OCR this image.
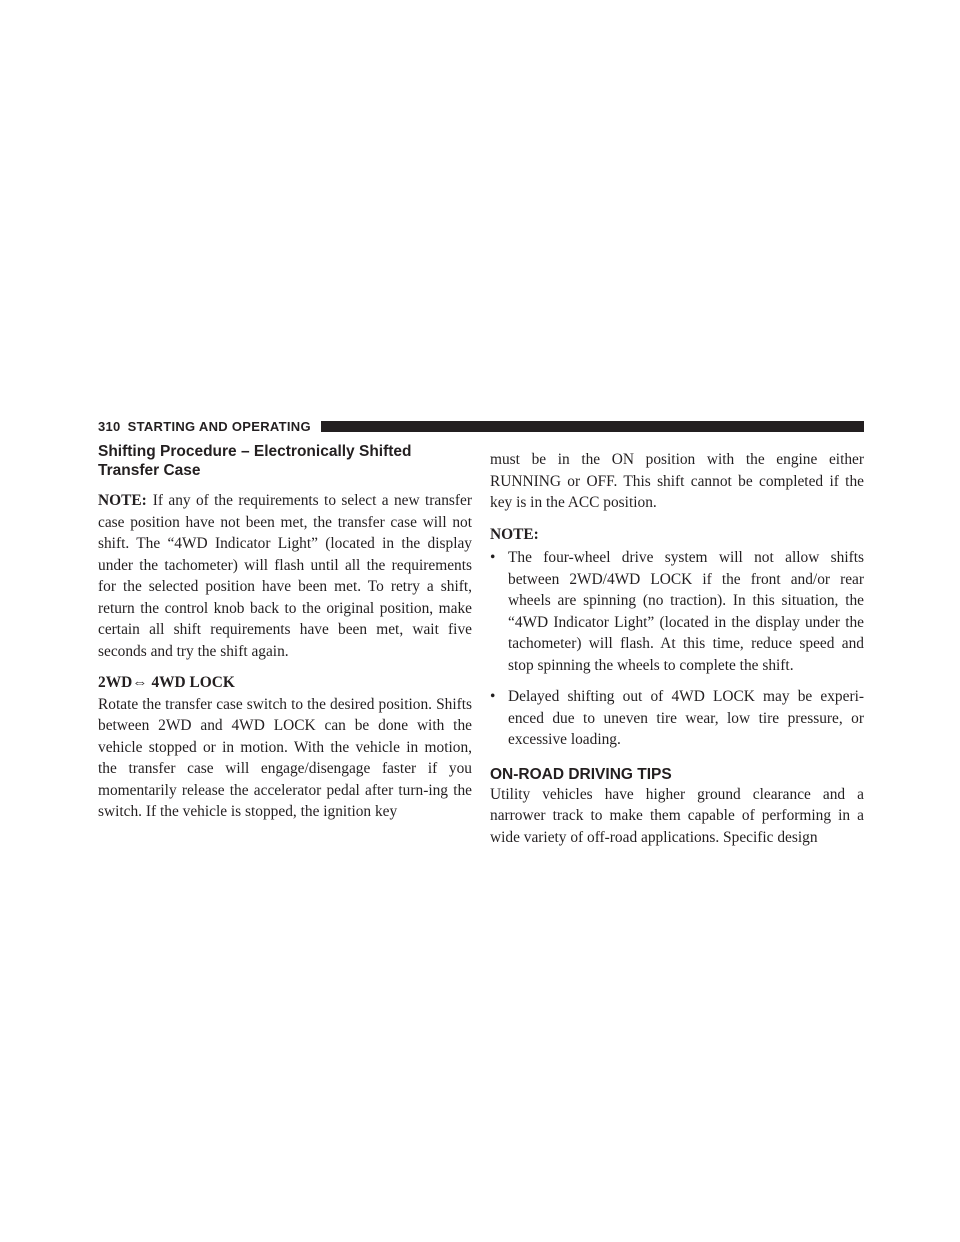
310 STARTING AND OPERATING
Shifting Procedure – Electronically Shifted Transfer Case

NOTE: If any of the requirements to select a new transfer case position have not been met, the transfer case will not shift. The “4WD Indicator Light” (located in the display under the tachometer) will flash until all the requirements for the selected position have been met. To retry a shift, return the control knob back to the original position, make certain all shift requirements have been met, wait five seconds and try the shift again.

2WD⇔ 4WD LOCK

Rotate the transfer case switch to the desired position. Shifts between 2WD and 4WD LOCK can be done with the vehicle stopped or in motion. With the vehicle in motion, the transfer case will engage/disengage faster if you momentarily release the accelerator pedal after turn-ing the switch. If the vehicle is stopped, the ignition key

must be in the ON position with the engine either RUNNING or OFF. This shift cannot be completed if the key is in the ACC position.

NOTE:

• The four-wheel drive system will not allow shifts between 2WD/4WD LOCK if the front and/or rear wheels are spinning (no traction). In this situation, the “4WD Indicator Light” (located in the display under the tachometer) will flash. At this time, reduce speed and stop spinning the wheels to complete the shift.
• Delayed shifting out of 4WD LOCK may be experi-enced due to uneven tire wear, low tire pressure, or excessive loading.
ON-ROAD DRIVING TIPS

Utility vehicles have higher ground clearance and a narrower track to make them capable of performing in a wide variety of off-road applications. Specific design
